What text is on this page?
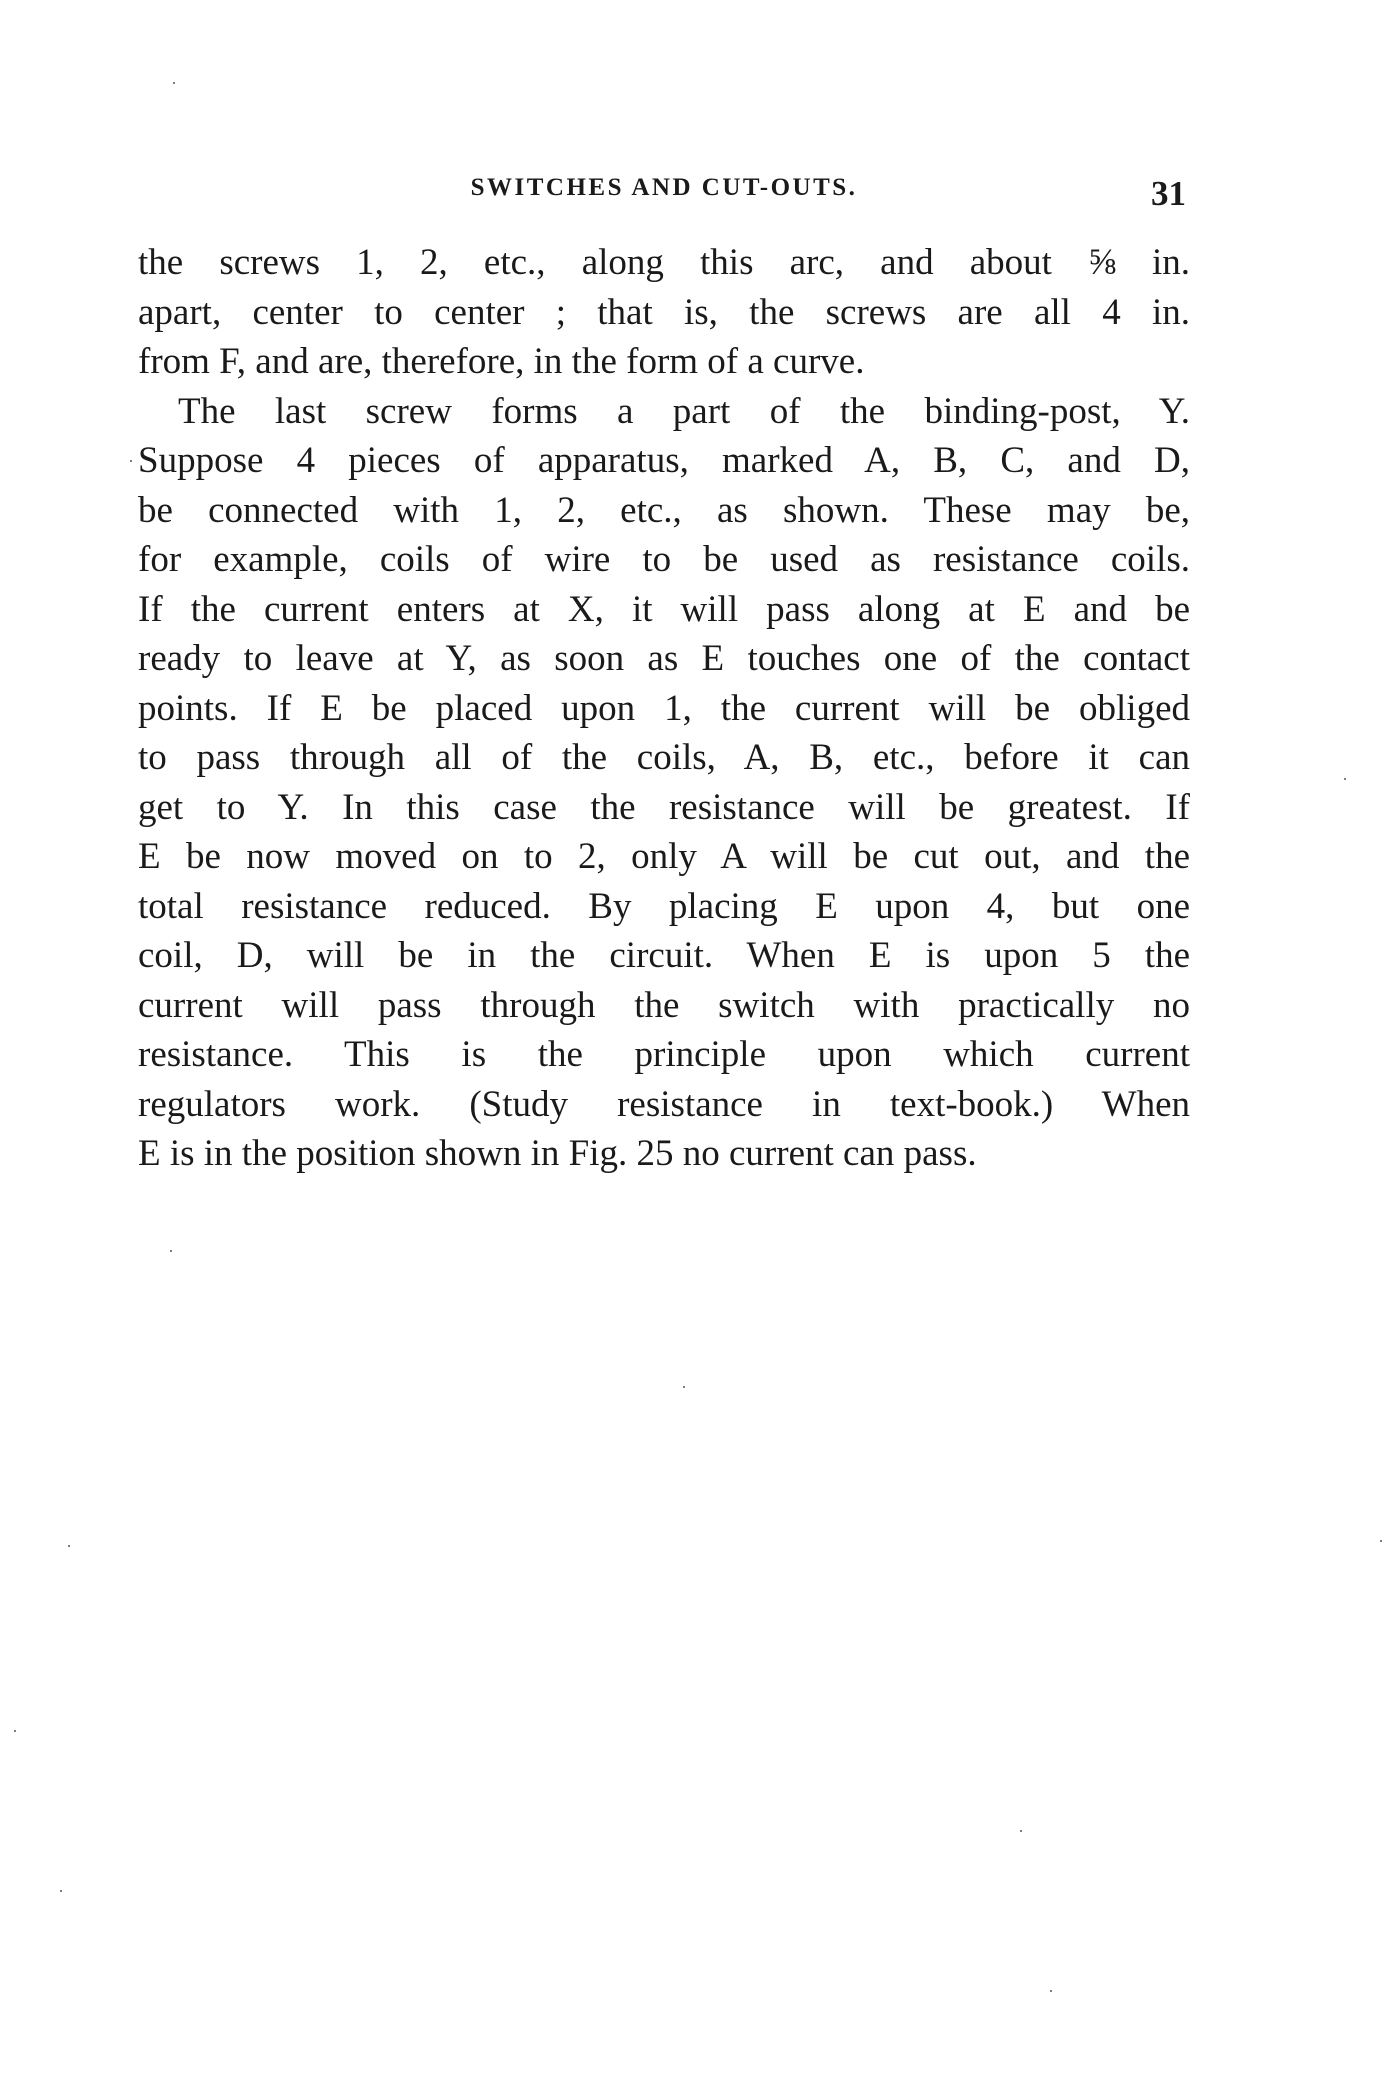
SWITCHES AND CUT-OUTS.	31
the screws 1, 2, etc., along this arc, and about ⅝ in.
apart, center to center ; that is, the screws are all 4 in.
from F, and are, therefore, in the form of a curve.
The last screw forms a part of the binding-post, Y.
Suppose 4 pieces of apparatus, marked A, B, C, and D,
be connected with 1, 2, etc., as shown. These may be,
for example, coils of wire to be used as resistance coils.
If the current enters at X, it will pass along at E and be
ready to leave at Y, as soon as E touches one of the contact
points. If E be placed upon 1, the current will be obliged
to pass through all of the coils, A, B, etc., before it can
get to Y. In this case the resistance will be greatest. If
E be now moved on to 2, only A will be cut out, and the
total resistance reduced. By placing E upon 4, but one
coil, D, will be in the circuit. When E is upon 5 the
current will pass through the switch with practically no
resistance. This is the principle upon which current
regulators work. (Study resistance in text-book.) When
E is in the position shown in Fig. 25 no current can pass.
